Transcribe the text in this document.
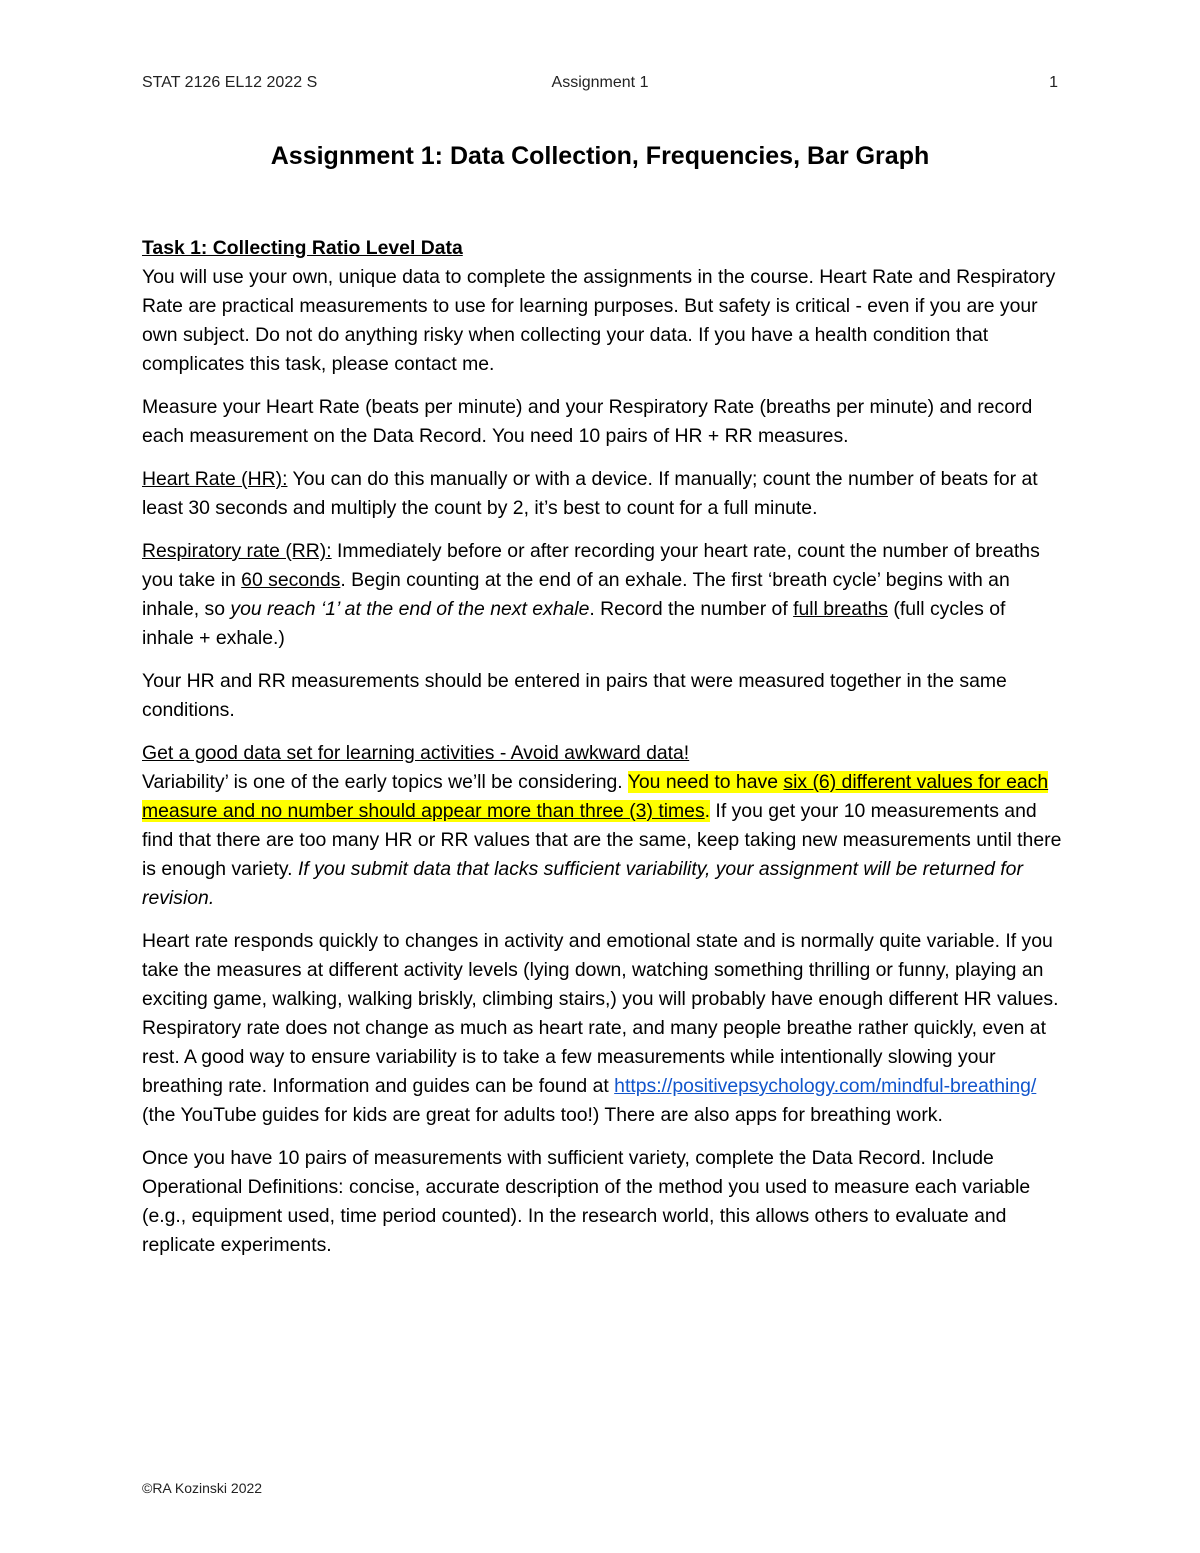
STAT 2126 EL12 2022 S	Assignment 1	1
Assignment 1: Data Collection, Frequencies, Bar Graph

Task 1: Collecting Ratio Level Data
You will use your own, unique data to complete the assignments in the course. Heart Rate and Respiratory Rate are practical measurements to use for learning purposes. But safety is critical - even if you are your own subject. Do not do anything risky when collecting your data. If you have a health condition that complicates this task, please contact me.

Measure your Heart Rate (beats per minute) and your Respiratory Rate (breaths per minute) and record each measurement on the Data Record. You need 10 pairs of HR + RR measures.

Heart Rate (HR): You can do this manually or with a device. If manually; count the number of beats for at least 30 seconds and multiply the count by 2, it’s best to count for a full minute.

Respiratory rate (RR): Immediately before or after recording your heart rate, count the number of breaths you take in 60 seconds. Begin counting at the end of an exhale. The first ‘breath cycle’ begins with an inhale, so you reach ‘1’ at the end of the next exhale. Record the number of full breaths (full cycles of inhale + exhale.)

Your HR and RR measurements should be entered in pairs that were measured together in the same conditions.

Get a good data set for learning activities - Avoid awkward data!
Variability’ is one of the early topics we’ll be considering. You need to have six (6) different values for each measure and no number should appear more than three (3) times. If you get your 10 measurements and find that there are too many HR or RR values that are the same, keep taking new measurements until there is enough variety. If you submit data that lacks sufficient variability, your assignment will be returned for revision.

Heart rate responds quickly to changes in activity and emotional state and is normally quite variable. If you take the measures at different activity levels (lying down, watching something thrilling or funny, playing an exciting game, walking, walking briskly, climbing stairs,) you will probably have enough different HR values. Respiratory rate does not change as much as heart rate, and many people breathe rather quickly, even at rest. A good way to ensure variability is to take a few measurements while intentionally slowing your breathing rate. Information and guides can be found at https://positivepsychology.com/mindful-breathing/ (the YouTube guides for kids are great for adults too!) There are also apps for breathing work.

Once you have 10 pairs of measurements with sufficient variety, complete the Data Record. Include Operational Definitions: concise, accurate description of the method you used to measure each variable (e.g., equipment used, time period counted). In the research world, this allows others to evaluate and replicate experiments.

©RA Kozinski 2022
